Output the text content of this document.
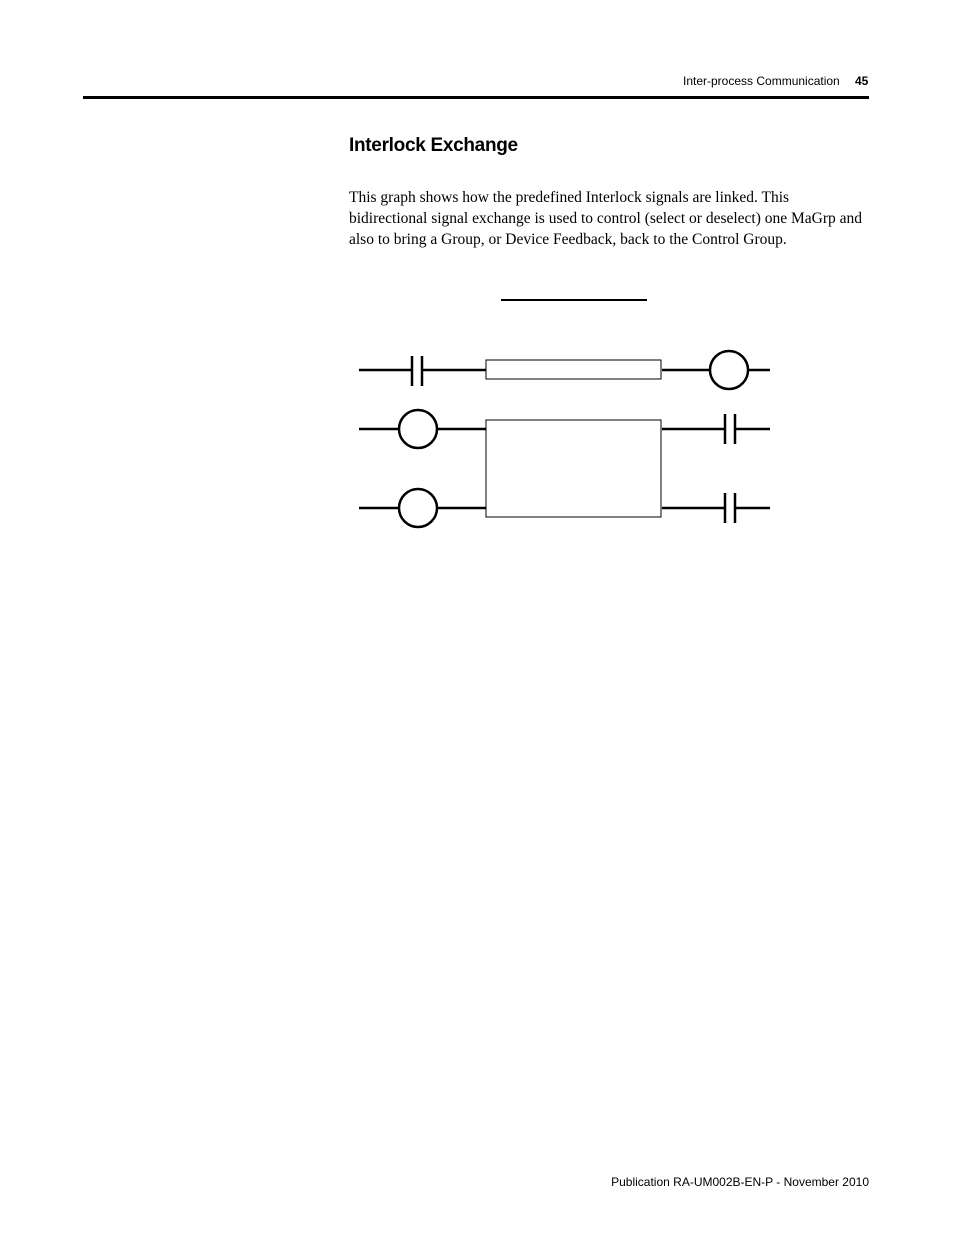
Inter-process Communication 45
Interlock Exchange

This graph shows how the predefined Interlock signals are linked. This bidirectional signal exchange is used to control (select or deselect) one MaGrp and also to bring a Group, or Device Feedback, back to the Control Group.

Publication RA-UM002B-EN-P - November 2010
